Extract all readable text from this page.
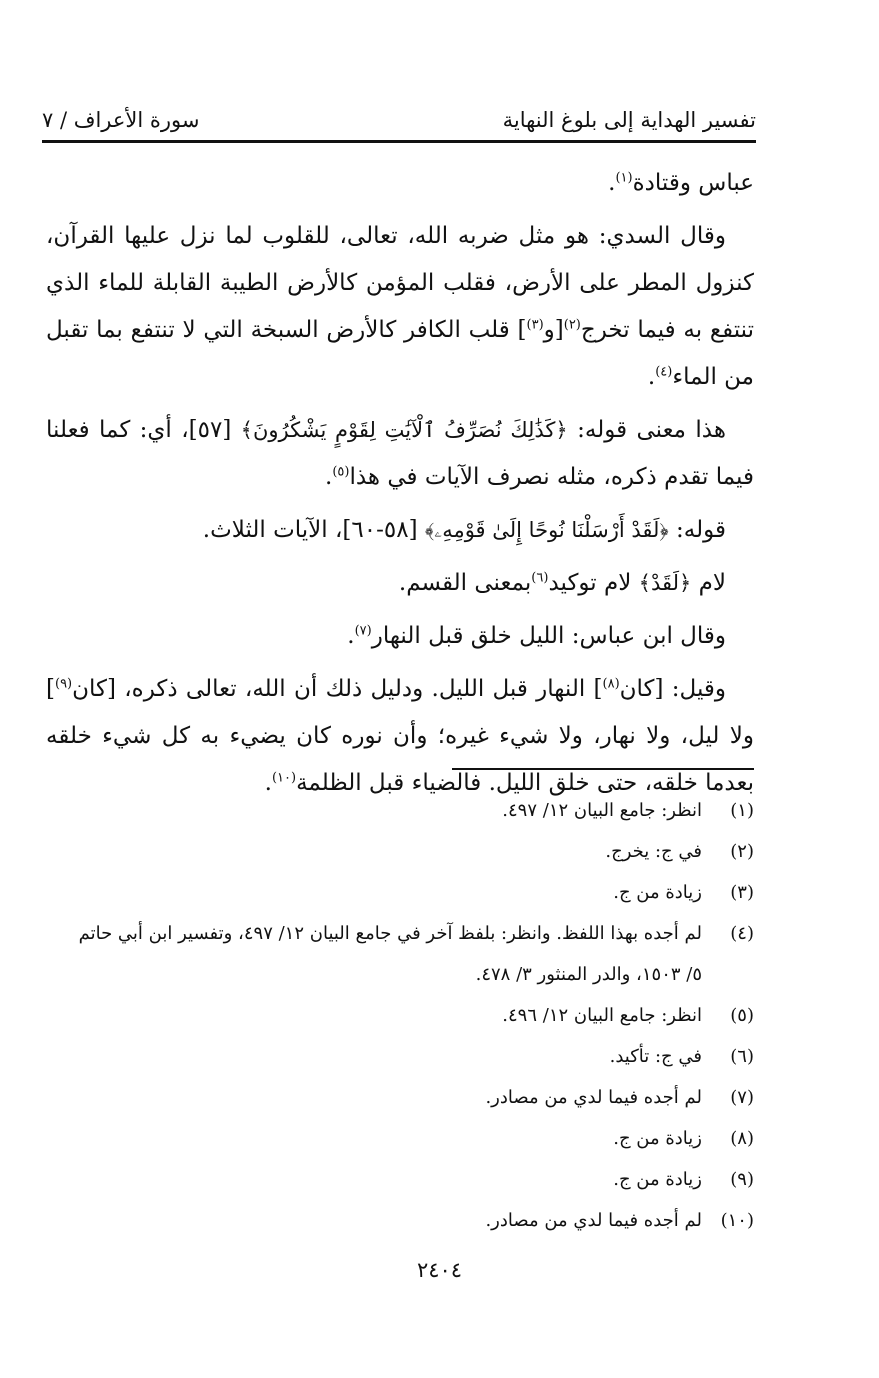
تفسير الهداية إلى بلوغ النهاية
سورة الأعراف / ٧

عباس وقتادة$^{(١)}$.

وقال السدي: هو مثل ضربه الله، تعالى، للقلوب لما نزل عليها القرآن، كنزول المطر على الأرض، فقلب المؤمن كالأرض الطيبة القابلة للماء الذي تنتفع به فيما تخرج$^{(٢)}$[و$^{(٣)}$] قلب الكافر كالأرض السبخة التي لا تنتفع بما تقبل من الماء$^{(٤)}$.

هذا معنى قوله: ﴿كَذَٰلِكَ نُصَرِّفُ ٱلْآيَٰتِ لِقَوْمٍ يَشْكُرُونَ﴾ [٥٧]، أي: كما فعلنا فيما تقدم ذكره، مثله نصرف الآيات في هذا$^{(٥)}$.

قوله: ﴿لَقَدْ أَرْسَلْنَا نُوحًا إِلَىٰ قَوْمِهِۦ﴾ [٥٨-٦٠]، الآيات الثلاث.

لام ﴿لَقَدْ﴾ لام توكيد$^{(٦)}$بمعنى القسم.

وقال ابن عباس: الليل خلق قبل النهار$^{(٧)}$.

وقيل: [كان$^{(٨)}$] النهار قبل الليل. ودليل ذلك أن الله، تعالى ذكره، [كان$^{(٩)}$] ولا ليل، ولا نهار، ولا شيء غيره؛ وأن نوره كان يضيء به كل شيء خلقه بعدما خلقه، حتى خلق الليل. فالضياء قبل الظلمة$^{(١٠)}$.

(١)
انظر: جامع البيان ١٢/ ٤٩٧.
(٢)
في ج: يخرج.
(٣)
زيادة من ج.
(٤)
لم أجده بهذا اللفظ. وانظر: بلفظ آخر في جامع البيان ١٢/ ٤٩٧، وتفسير ابن أبي حاتم
٥/ ١٥٠٣، والدر المنثور ٣/ ٤٧٨.
(٥)
انظر: جامع البيان ١٢/ ٤٩٦.
(٦)
في ج: تأكيد.
(٧)
لم أجده فيما لدي من مصادر.
(٨)
زيادة من ج.
(٩)
زيادة من ج.
(١٠)
لم أجده فيما لدي من مصادر.
٢٤٠٤
